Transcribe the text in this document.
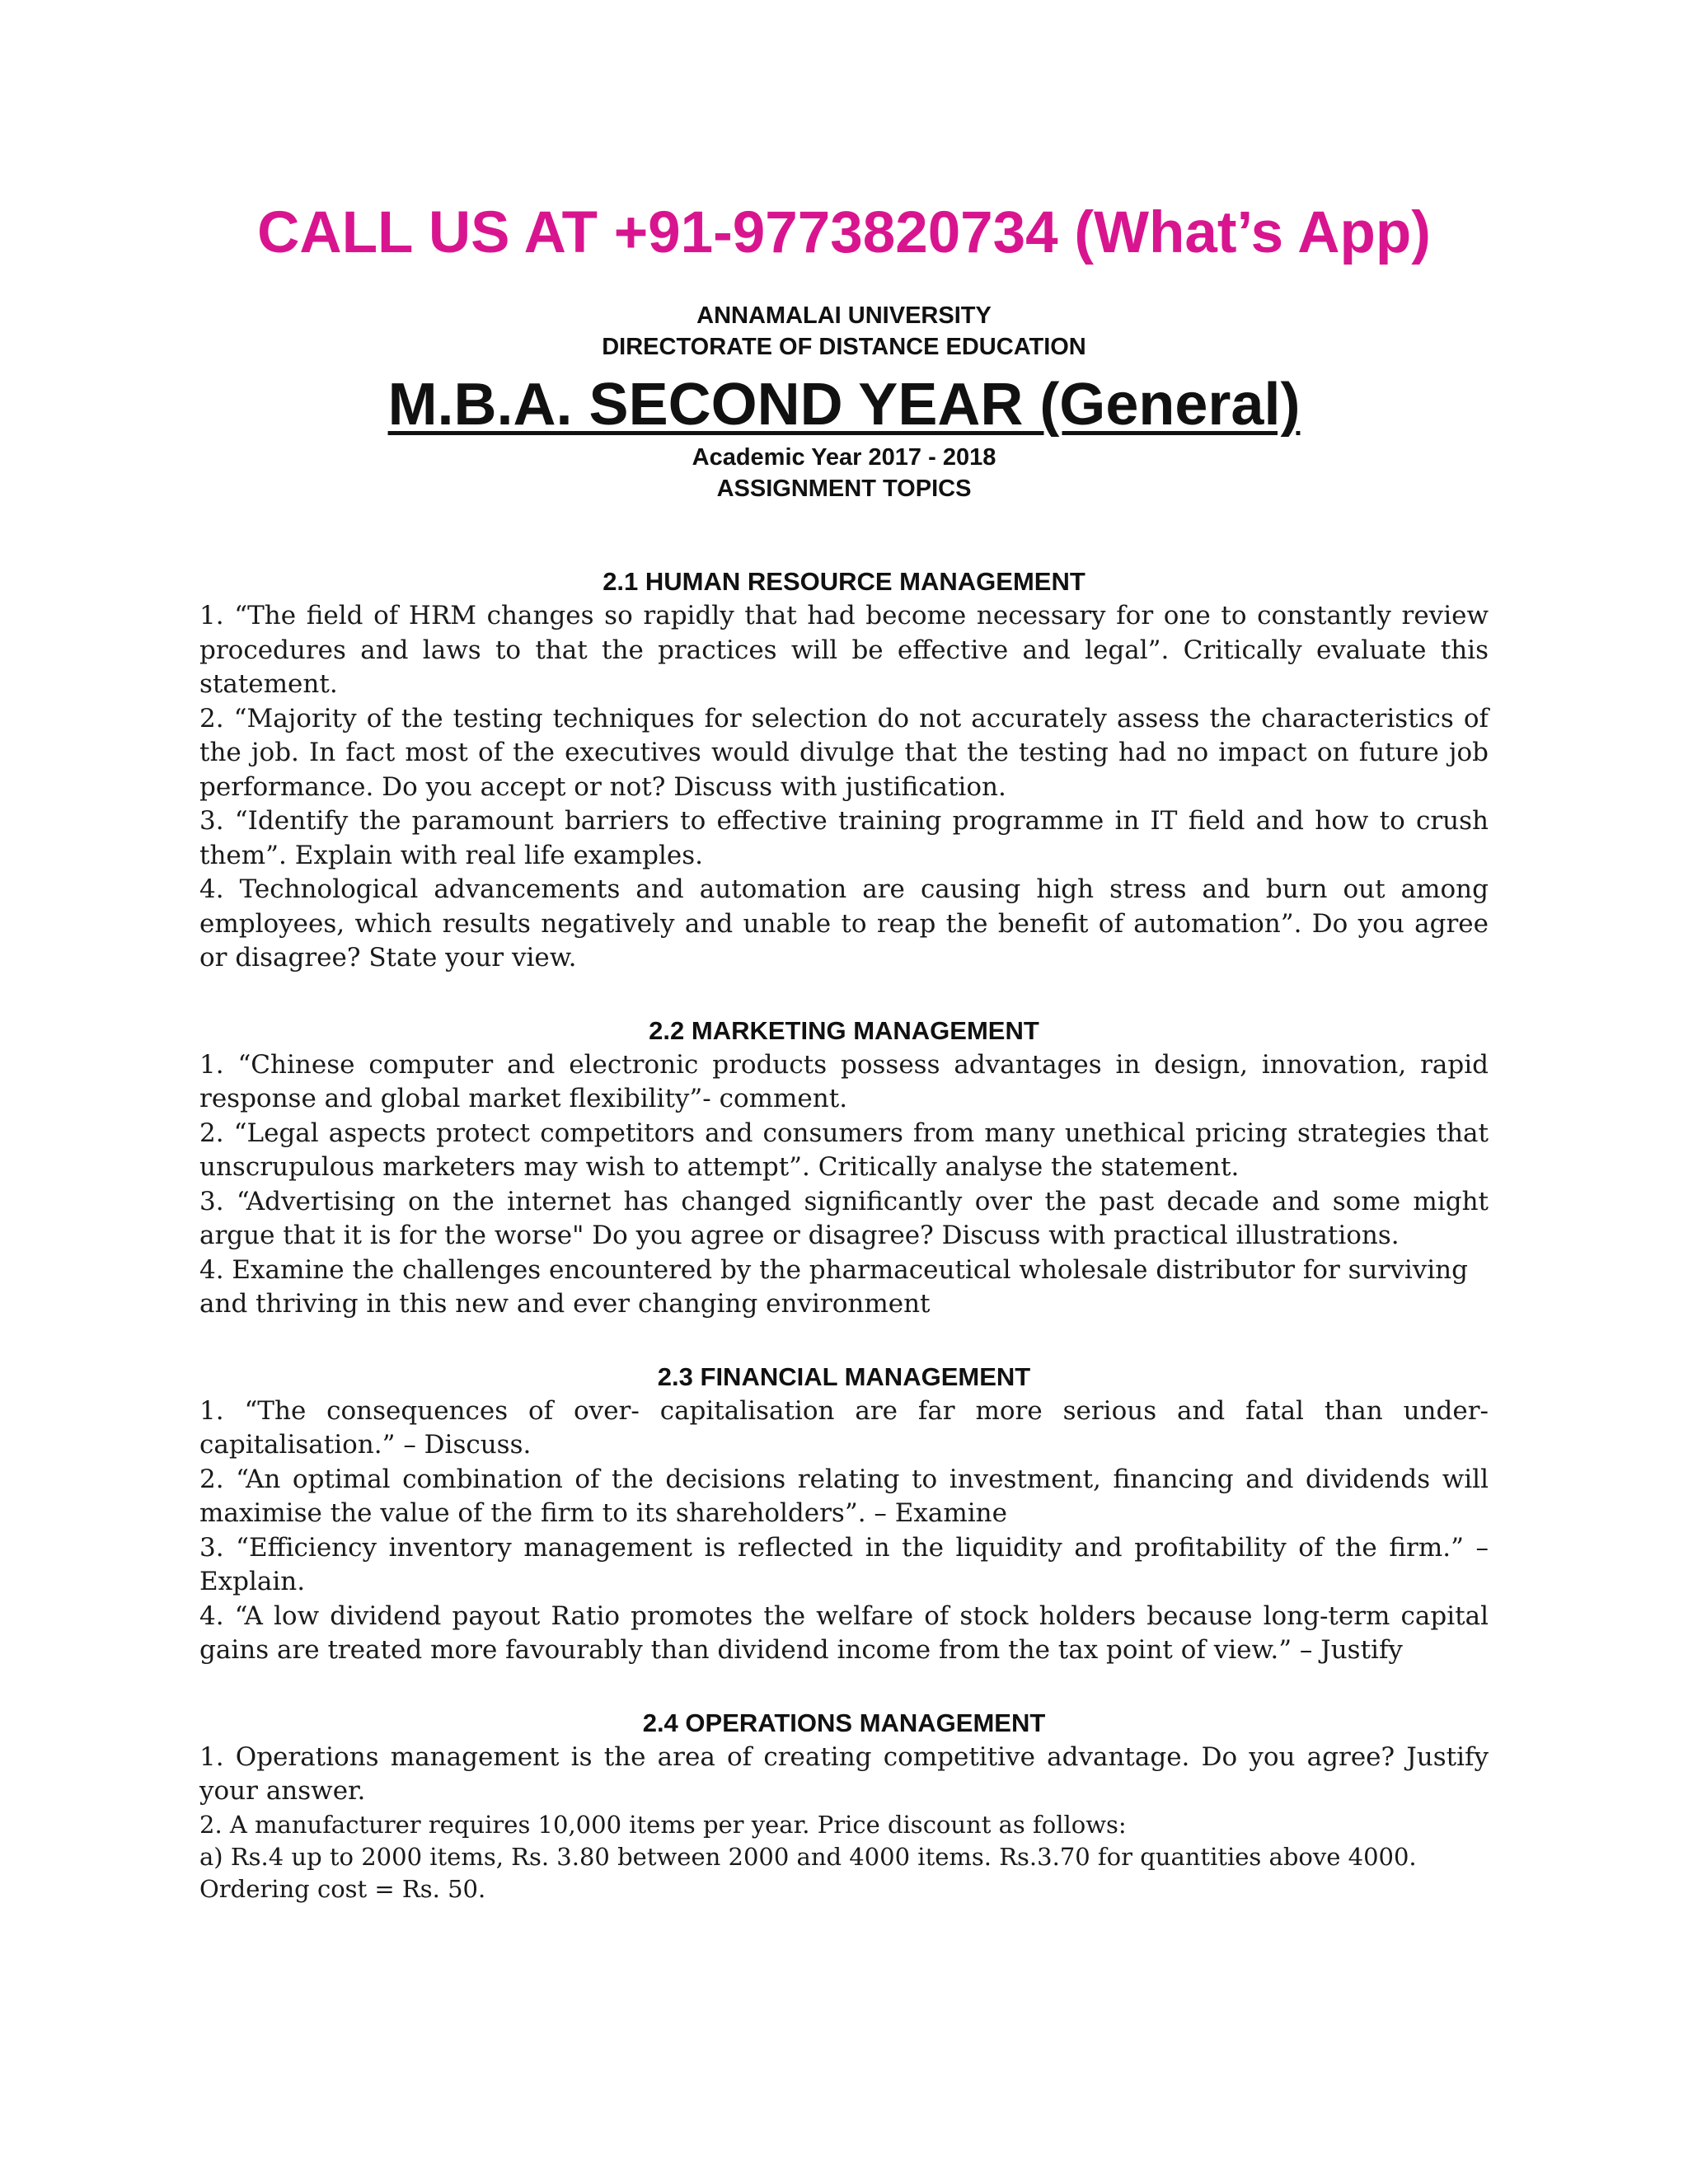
CALL US AT +91-9773820734 (What’s App)
ANNAMALAI UNIVERSITY
DIRECTORATE OF DISTANCE EDUCATION
M.B.A. SECOND YEAR (General)
Academic Year 2017 - 2018
ASSIGNMENT TOPICS

2.1 HUMAN RESOURCE MANAGEMENT

1. “The field of HRM changes so rapidly that had become necessary for one to constantly review procedures and laws to that the practices will be effective and legal”. Critically evaluate this statement.

2. “Majority of the testing techniques for selection do not accurately assess the characteristics of the job. In fact most of the executives would divulge that the testing had no impact on future job performance. Do you accept or not? Discuss with justification.

3. “Identify the paramount barriers to effective training programme in IT field and how to crush them”. Explain with real life examples.

4. Technological advancements and automation are causing high stress and burn out among employees, which results negatively and unable to reap the benefit of automation”. Do you agree or disagree? State your view.

2.2 MARKETING MANAGEMENT

1. “Chinese computer and electronic products possess advantages in design, innovation, rapid response and global market flexibility”- comment.

2. “Legal aspects protect competitors and consumers from many unethical pricing strategies that unscrupulous marketers may wish to attempt”. Critically analyse the statement.

3. “Advertising on the internet has changed significantly over the past decade and some might argue that it is for the worse" Do you agree or disagree? Discuss with practical illustrations.

4. Examine the challenges encountered by the pharmaceutical wholesale distributor for surviving and thriving in this new and ever changing environment

2.3 FINANCIAL MANAGEMENT

1. “The consequences of over- capitalisation are far more serious and fatal than under-capitalisation.” – Discuss.

2. “An optimal combination of the decisions relating to investment, financing and dividends will maximise the value of the firm to its shareholders”. – Examine

3. “Efficiency inventory management is reflected in the liquidity and profitability of the firm.” – Explain.

4. “A low dividend payout Ratio promotes the welfare of stock holders because long-term capital gains are treated more favourably than dividend income from the tax point of view.” – Justify

2.4 OPERATIONS MANAGEMENT

1. Operations management is the area of creating competitive advantage. Do you agree? Justify your answer.

2. A manufacturer requires 10,000 items per year. Price discount as follows:

a) Rs.4 up to 2000 items, Rs. 3.80 between 2000 and 4000 items. Rs.3.70 for quantities above 4000. Ordering cost = Rs. 50.
